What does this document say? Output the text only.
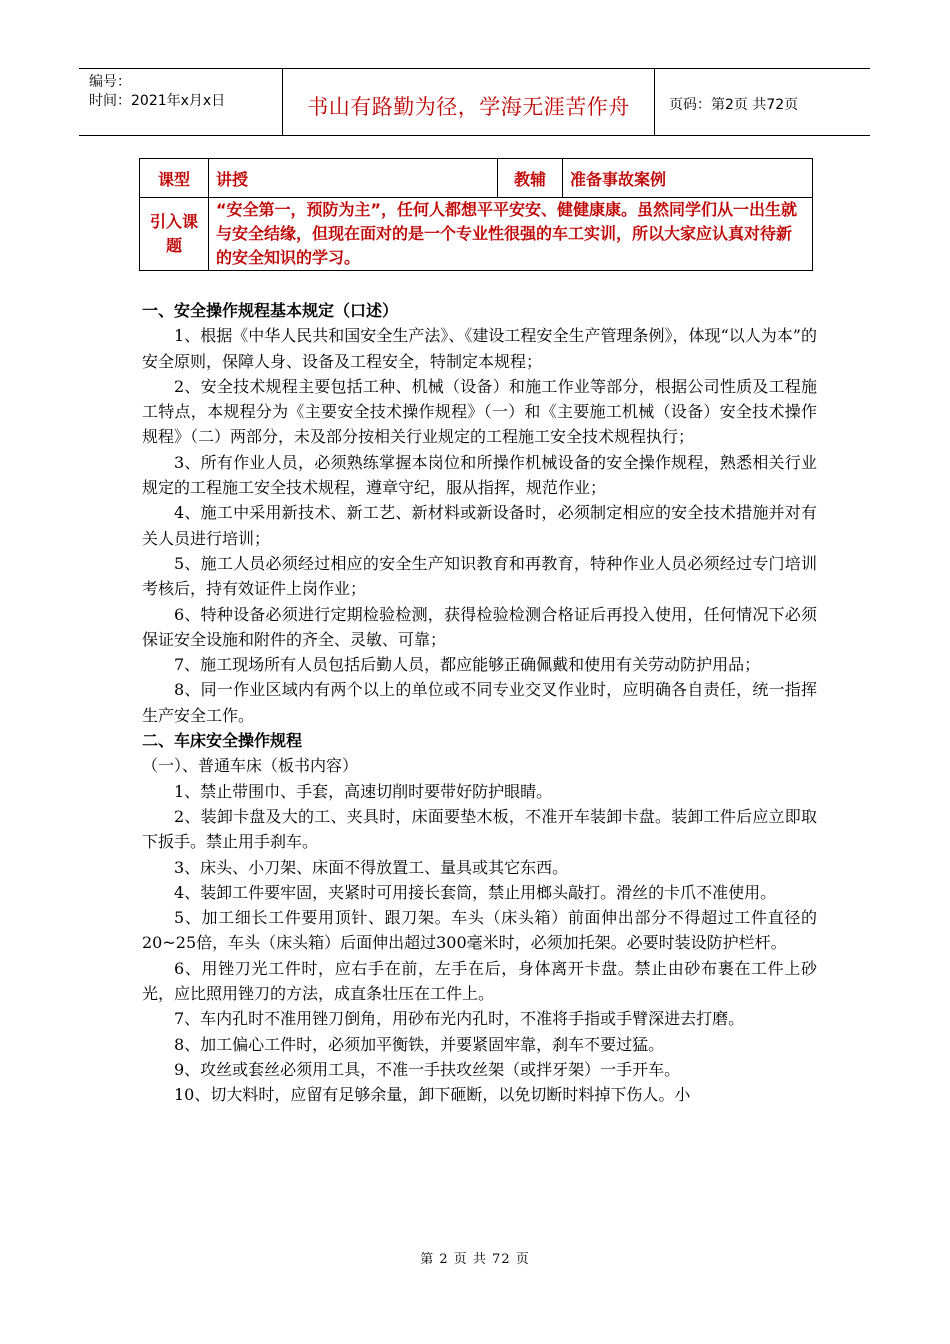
编号：
时间：2021年x月x日	书山有路勤为径，学海无涯苦作舟	页码：第2页 共72页
课型	讲授	教辅	准备事故案例
引入课题	“安全第一，预防为主”，任何人都想平平安安、健健康康。虽然同学们从一出生就与安全结缘，但现在面对的是一个专业性很强的车工实训，所以大家应认真对待新的安全知识的学习。		
一、安全操作规程基本规定（口述）

1、根据《中华人民共和国安全生产法》、《建设工程安全生产管理条例》，体现“以人为本”的安全原则，保障人身、设备及工程安全，特制定本规程；

2、安全技术规程主要包括工种、机械（设备）和施工作业等部分，根据公司性质及工程施工特点，本规程分为《主要安全技术操作规程》（一）和《主要施工机械（设备）安全技术操作规程》（二）两部分，未及部分按相关行业规定的工程施工安全技术规程执行；

3、所有作业人员，必须熟练掌握本岗位和所操作机械设备的安全操作规程，熟悉相关行业规定的工程施工安全技术规程，遵章守纪，服从指挥，规范作业；

4、施工中采用新技术、新工艺、新材料或新设备时，必须制定相应的安全技术措施并对有关人员进行培训；

5、施工人员必须经过相应的安全生产知识教育和再教育，特种作业人员必须经过专门培训考核后，持有效证件上岗作业；

6、特种设备必须进行定期检验检测，获得检验检测合格证后再投入使用，任何情况下必须保证安全设施和附件的齐全、灵敏、可靠；

7、施工现场所有人员包括后勤人员，都应能够正确佩戴和使用有关劳动防护用品；

8、同一作业区域内有两个以上的单位或不同专业交叉作业时，应明确各自责任，统一指挥生产安全工作。

二、车床安全操作规程

（一）、普通车床（板书内容）

1、禁止带围巾、手套，高速切削时要带好防护眼睛。

2、装卸卡盘及大的工、夹具时，床面要垫木板，不准开车装卸卡盘。装卸工件后应立即取下扳手。禁止用手刹车。

3、床头、小刀架、床面不得放置工、量具或其它东西。

4、装卸工件要牢固，夹紧时可用接长套筒，禁止用榔头敲打。滑丝的卡爪不准使用。

5、加工细长工件要用顶针、跟刀架。车头（床头箱）前面伸出部分不得超过工件直径的20~25倍，车头（床头箱）后面伸出超过300毫米时，必须加托架。必要时装设防护栏杆。

6、用锉刀光工件时，应右手在前，左手在后，身体离开卡盘。禁止由砂布裹在工件上砂光，应比照用锉刀的方法，成直条壮压在工件上。

7、车内孔时不准用锉刀倒角，用砂布光内孔时，不准将手指或手臂深进去打磨。

8、加工偏心工件时，必须加平衡铁，并要紧固牢靠，刹车不要过猛。

9、攻丝或套丝必须用工具，不准一手扶攻丝架（或拌牙架）一手开车。

10、切大料时，应留有足够余量，卸下砸断，以免切断时料掉下伤人。小

第 2 页 共 72 页
